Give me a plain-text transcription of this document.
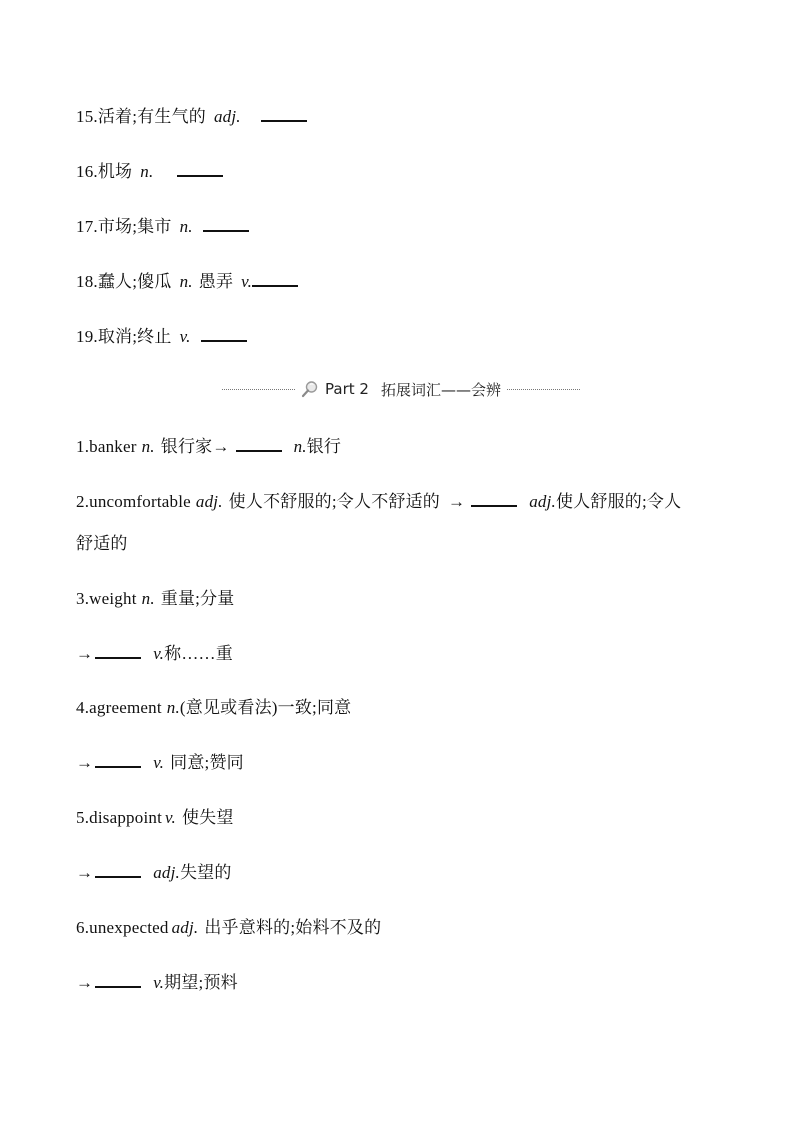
15.活着;有生气的 adj.
16.机场 n.
17.市场;集市 n.
18.蠢人;傻瓜 n. 愚弄 v.
19.取消;终止 v.
Part 2 拓展词汇——会辨
1.banker n. 银行家→	n.银行
2.uncomfortable adj. 使人不舒服的;令人不舒适的 →	adj.使人舒服的;令人
舒适的
3.weight n. 重量;分量
→	v.称……重
4.agreement n.(意见或看法)一致;同意
→	v. 同意;赞同
5.disappoint v. 使失望
→	adj.失望的
6.unexpected adj. 出乎意料的;始料不及的
→	v.期望;预料
